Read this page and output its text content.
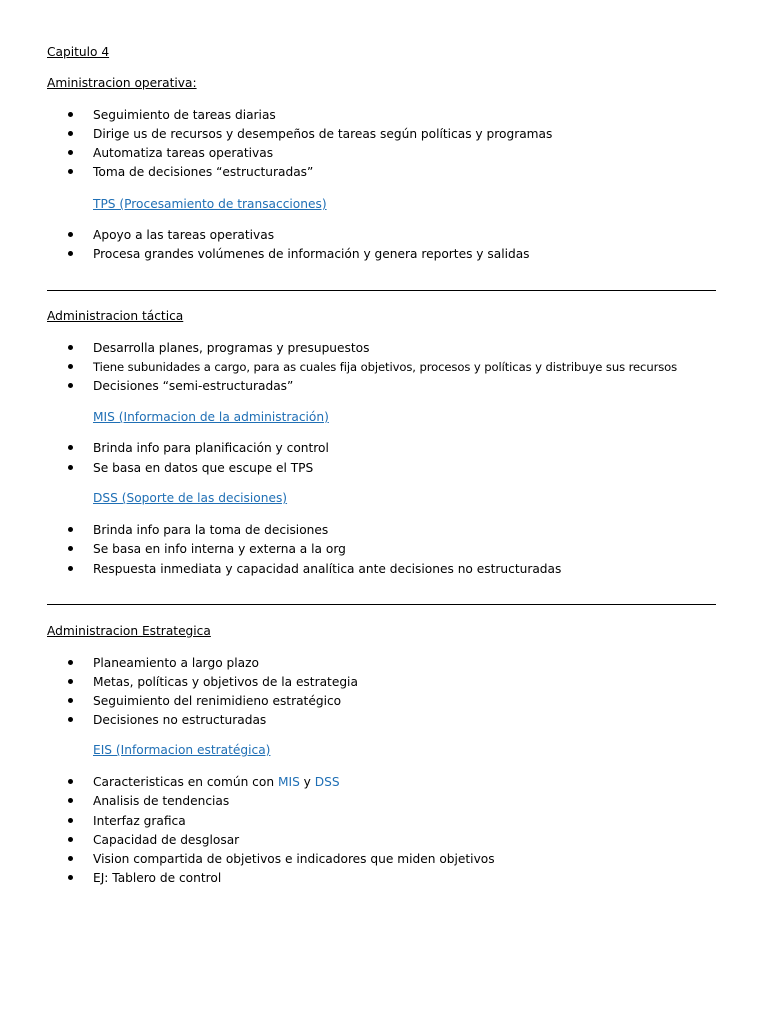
Capitulo 4
Aministracion operativa:
Seguimiento de tareas diarias
Dirige us de recursos y desempeños de tareas según políticas y programas
Automatiza tareas operativas
Toma de decisiones “estructuradas”
TPS (Procesamiento de transacciones)
Apoyo a las tareas operativas
Procesa grandes volúmenes de información y genera reportes y salidas
Administracion táctica
Desarrolla planes, programas y presupuestos
Tiene subunidades a cargo, para as cuales fija objetivos, procesos y políticas y distribuye sus recursos
Decisiones “semi-estructuradas”
MIS (Informacion de la administración)
Brinda info para planificación y control
Se basa en datos que escupe el TPS
DSS (Soporte de las decisiones)
Brinda info para la toma de decisiones
Se basa en info interna y externa a la org
Respuesta inmediata y capacidad analítica ante decisiones no estructuradas
Administracion Estrategica
Planeamiento a largo plazo
Metas, políticas y objetivos de la estrategia
Seguimiento del renimidieno estratégico
Decisiones no estructuradas
EIS (Informacion estratégica)
Caracteristicas en común con MIS y DSS
Analisis de tendencias
Interfaz grafica
Capacidad de desglosar
Vision compartida de objetivos e indicadores que miden objetivos
EJ: Tablero de control
